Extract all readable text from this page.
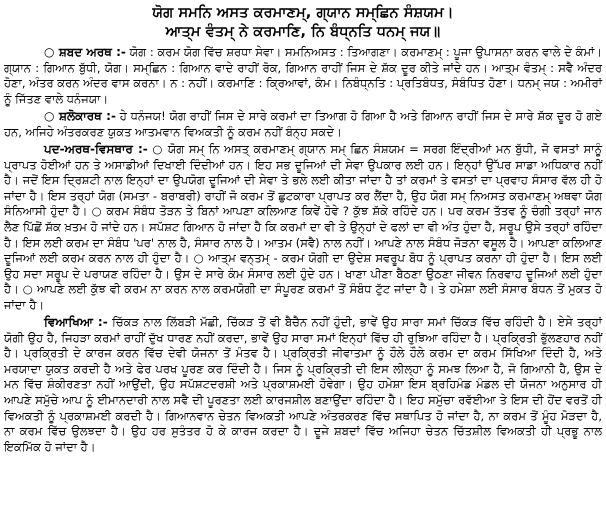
ਯੋਗ ਸਮਨਿ ਅਸਤ ਕਰਮਾਣਮ੍, ਗ੍ਯਾਨ ਸਮ੍ਛਿਨ ਸੰਸ਼ਯਮ।
ਆਤ੍ਮ ਵੰਤਮ੍ ਨੇ ਕਰਮਾਣਿ, ਨਿ ਬੰਧ੍ਨਤਿ ਧਨਮ੍ ਜਯ॥

○ ਸ਼ਬਦ ਅਰਥ :- ਯੋਗ : ਕਰਮ ਯੋਗ ਵਿੱਚ ਸ਼ਰਧਾ ਸੇਵਾ। ਸਮਨਿਅਸਤ : ਤਿਆਗਣਾ। ਕਰਮਾਣਮ੍ : ਪੂਜਾ ਉਪਾਸਨਾ ਕਰਨ ਵਾਲੇ ਦੇ ਕੰਮਾਂ। ਗ੍ਯਾਨ : ਗਿਆਨ ਬੁੱਧੀ, ਯੋਗ। ਸਮ੍ਛਿਨ : ਗਿਆਨ ਵਾਦੇ ਰਾਹੀਂ ਰੋਕ, ਗਿਆਨ ਰਾਹੀਂ ਜਿਸ ਦੇ ਸ਼ੱਕ ਦੂਰ ਕੀਤੇ ਜਾਂਦੇ ਹਨ। ਆਤ੍ਮ ਵੰਤਮ੍ : ਸਵੈ ਅੰਦਰ ਹੋਣਾ, ਅੰਤਰ ਕਰਨ ਅੰਦਰ ਵਾਸ ਕਰਨਾ। ਨ : ਨਹੀਂ। ਕਰਮਾਣਿ : ਕ੍ਰਿਆਵਾਂ, ਕੰਮ। ਨਿਬੰਧ੍ਨਤਿ : ਪ੍ਰਤਿਬੰਧਤ, ਸੰਬੰਧਿਤ ਹੋਣਾ। ਧਨਮ੍ ਜਯ : ਅਮੀਰਾਂ ਨੂੰ ਜਿੱਤਣ ਵਾਲੇ ਧਨੰਜਯਾ।

○ ਸ਼ਲੋਕਾਰਥ :- ਹੇ ਧਨੰਜਯ! ਯੋਗ ਰਾਹੀਂ ਜਿਸ ਦੇ ਸਾਰੇ ਕਰਮਾਂ ਦਾ ਤਿਆਗ ਹੋ ਗਿਆ ਹੈ ਅਤੇ ਗਿਆਨ ਰਾਹੀਂ ਜਿਸ ਦੇ ਸਾਰੇ ਸ਼ੱਕ ਦੂਰ ਹੋ ਗਏ ਹਨ, ਅਜਿਹੇ ਅੰਤਰਕਰਣ ਯੁਕਤ ਆਤਮਵਾਨ ਵਿਅਕਤੀ ਨੂੰ ਕਰਮ ਨਹੀਂ ਬੰਨ੍ਹ ਸਕਦੇ।

ਪਦ-ਅਰਥ-ਵਿਸਥਾਰ :- ○ ਯੋਗ ਸਮ੍ ਨਿ ਅਸਤ੍ ਕਰਮਾਣਮ੍ ਗ੍ਯਾਨ ਸਮ੍ ਛਿਨ ਸੰਸ਼ਯਮ = ਸਰਗ ਇੰਦ੍ਰੀਆਂ ਮਨ ਬੁੱਧੀ, ਜੋ ਵਸਤਾਂ ਸਾਨੂੰ ਪ੍ਰਾਪਤ ਹੋਈਆਂ ਹਨ ਤੇ ਅਸਾਡੀਆਂ ਦਿਖਾਈ ਦਿੰਦੀਆਂ ਹਨ। ਇਹ ਸਭ ਦੂਜਿਆਂ ਦੀ ਸੇਵਾ ਉਪਕਾਰ ਲਈ ਹਨ। ਇਨ੍ਹਾਂ ਉੱਪਰ ਸਾਡਾ ਅਧਿਕਾਰ ਨਹੀਂ ਹੈ। ਜਦੋਂ ਇਸ ਦ੍ਰਿਸ਼ਟੀ ਨਾਲ ਇਨ੍ਹਾਂ ਦਾ ਉਪਯੋਗ ਦੂਜਿਆਂ ਦੀ ਸੇਵਾ ਤੇ ਭਲੇ ਲਈ ਕੀਤਾ ਜਾਂਦਾ ਹੈ ਤਾਂ ਕਰਮਾਂ ਤੇ ਵਸਤਾਂ ਦਾ ਪ੍ਰਵਾਹ ਸੰਸਾਰ ਵੱਲ ਹੀ ਹੋ ਜਾਂਦਾ ਹੈ। ਇਸ ਤਰ੍ਹਾਂ ਯੋਗ (ਸਮਤਾ - ਬਰਾਬਰੀ) ਰਾਹੀਂ ਜੋ ਕਰਮ ਤੋਂ ਛੁਟਕਾਰਾ ਪ੍ਰਾਪਤ ਕਰ ਲੈਂਦਾ ਹੈ, ਉਹ ਯੋਗ ਸਮ੍ ਨਿਅਸਤ ਕਰਮਾਣਮ੍ ਅਥਵਾ ਯੋਗ ਸੰਨਿਆਸੀ ਹੁੰਦਾ ਹੈ। ○ ਕਰਮ ਸੰਬੰਧ ਤੋੜਨ ਤੇ ਬਿਨਾਂ ਆਪਣਾ ਕਲਿਆਣ ਕਿਵੇਂ ਹੋਵੇ ? ਕੁੱਝ ਸ਼ੱਕੇ ਰਹਿੰਦੇ ਹਨ। ਪਰ ਕਰਮ ਤੱਤਵ ਨੂੰ ਚੰਗੀ ਤਰ੍ਹਾਂ ਜਾਨ ਲੈਣ ਪਿੱਛੋਂ ਸ਼ੱਕ ਖ਼ਤਮ ਹੋ ਜਾਂਦੇ ਹਨ। ਸਪੱਸ਼ਟ ਗਿਆਨ ਹੋ ਜਾਂਦਾ ਹੈ ਕਿ ਕਰਮਾਂ ਦਾ ਵੀ ਤੇ ਉਨ੍ਹਾਂ ਦੇ ਫਲਾਂ ਦਾ ਵੀ ਅੰਤ ਹੁੰਦਾ ਹੈ, ਸਰੂਪ ਉਸੇ ਤਰ੍ਹਾਂ ਰਹਿੰਦਾ ਹੈ। ਇਸ ਲਈ ਕਰਮ ਦਾ ਸੰਬੰਧ 'ਪਰ' ਨਾਲ ਹੈ, ਸੰਸਾਰ ਨਾਲ ਹੈ। ਆਤਮ (ਸਵੈ) ਨਾਲ ਨਹੀਂ। ਆਪਣੇ ਨਾਲ ਸੰਬੰਧ ਜੋੜਨਾ ਵਸੂਲ ਹੈ। ਆਪਣਾ ਕਲਿਆਣ ਦੂਜਿਆਂ ਲਈ ਕਰਮ ਕਰਨ ਨਾਲ ਹੀ ਹੁੰਦਾ ਹੈ। ○ ਆਤ੍ਮ ਵਨ੍ਤਮ੍ - ਕਰਮ ਯੋਗੀ ਦਾ ਉਦੇਸ਼ ਸਵਰੂਪ ਬੋਧ ਨੂੰ ਪ੍ਰਾਪਤ ਕਰਨਾ ਹੀ ਹੁੰਦਾ ਹੈ। ਇਸ ਲਈ ਉਹ ਸਦਾ ਸਰੂਪ ਦੇ ਪਰਾਯਣ ਰਹਿੰਦਾ ਹੈ। ਉਸ ਦੇ ਸਾਰੇ ਕੰਮ ਸੰਸਾਰ ਲਈ ਹੁੰਦੇ ਹਨ। ਖਾਣਾ ਪੀਣਾ ਬੈਠਣਾ ਉਠਣਾ ਜੀਵਨ ਨਿਰਵਾਹ ਦੂਜਿਆਂ ਲਈ ਹੁੰਦਾ ਹੈ। ○ ਆਪਣੇ ਲਈ ਕੁੱਝ ਵੀ ਕਰਮ ਨਾ ਕਰਨ ਨਾਲ ਕਰਮਯੋਗੀ ਦਾ ਸੰਪੂਰਣ ਕਰਮਾਂ ਤੋਂ ਸੰਬੰਧ ਟੁੱਟ ਜਾਂਦਾ ਹੈ। ਤੇ ਹਮੇਸ਼ਾ ਲਈ ਸੰਸਾਰ ਬੰਧਨ ਤੋਂ ਮੁਕਤ ਹੋ ਜਾਂਦਾ ਹੈ।

ਵਿਆਖਿਆ :- ਚਿੱਕੜ ਨਾਲ ਲਿੱਬੜੀ ਮੱਛੀ, ਚਿੱਕੜ ਤੋਂ ਵੀ ਬੈਚੈਨ ਨਹੀਂ ਹੁੰਦੀ, ਭਾਵੇਂ ਉਹ ਸਾਰਾ ਸਮਾਂ ਚਿੱਕੜ ਵਿੱਚ ਰਹਿੰਦੀ ਹੈ। ਏਸੇ ਤਰ੍ਹਾਂ ਯੋਗੀ ਉਹ ਹੈ, ਜਿਹੜਾ ਕਰਮਾਂ ਰਾਹੀਂ ਦੁੱਖ ਧਾਰਣ ਨਹੀਂ ਕਰਦਾ, ਭਾਵੇਂ ਉਹ ਸਾਰਾ ਸਮਾਂ ਇਨ੍ਹਾਂ ਵਿੱਚ ਹੀ ਰੁਝਿਆ ਰਹਿੰਦਾ ਹੈ। ਪ੍ਰਕ੍ਰਿਤੀ ਭੁੱਲਣਹਾਰ ਨਹੀਂ ਹੈ। ਪ੍ਰਕ੍ਰਿਤੀ ਦੇ ਕਾਰਜ ਕਰਨ ਵਿੱਚ ਦੇਵੀ ਯੋਜਨਾ ਤੋਂ ਮੰਤਵ ਹੈ। ਪ੍ਰਕ੍ਰਿਤੀ ਜੀਵਾਤਮਾ ਨੂੰ ਹੌਲੇ ਹੌਲੇ ਕਰਮ ਦਾ ਕਰਮ ਸਿੱਖਿਆ ਦਿੰਦੀ ਹੈ, ਅਤੇ ਮਰਯਾਦਾ ਯੁਕਤ ਕਰਦੀ ਹੈ ਅਤੇ ਫੇਰ ਪਰਖ ਪੂਰਣ ਕਰ ਦਿੰਦੀ ਹੈ। ਜਿਸ ਨੂੰ ਪ੍ਰਕ੍ਰਿਤੀ ਦੀ ਇਸ ਲੀਲ੍ਹਾ ਨੂੰ ਸਮਝ ਲਿਆ ਹੈ, ਜੋ ਗਿਆਨੀ ਹੈ, ਉਸ ਦੇ ਮਨ ਵਿੱਚ ਸ਼ੰਕੀਰਣਤਾ ਨਹੀਂ ਆਉਂਦੀ, ਉਹ ਸਪੱਸ਼ਟਦਰਸ਼ੀ ਅਤੇ ਪ੍ਰਕਾਸ਼ਮਈ ਹੋਵੇਗਾ। ਉਹ ਹਮੇਸ਼ਾ ਇਸ ਬ੍ਰਹਿਮੰਡ ਮੰਡਲ ਦੀ ਯੋਜਨਾ ਅਨੁਸਾਰ ਹੀ ਆਪਣੇ ਸਮੁੱਚੇ ਆਪ ਨੂੰ ਈਮਾਨਦਾਰੀ ਨਾਲ ਸਵੈ ਦੀ ਪੂਰਣਤਾ ਲਈ ਕਾਰਜਸ਼ੀਲ ਬਣਾਉਂਦਾ ਰਹਿੰਦਾ ਹੈ। ਇਹ ਸਮੁੱਚਾ ਰਵੱਈਆ ਤੇ ਇਸ ਦੀ ਹੋਂਦ ਵਰਤੋਂ ਹੀ ਵਿਅਕਤੀ ਨੂੰ ਪ੍ਰਕਾਸ਼ਮਈ ਕਰਦੀ ਹੈ। ਗਿਆਨਵਾਨ ਚੇਤਨ ਵਿਅਕਤੀ ਆਪਣੇ ਅੰਤਰਕਰਣ ਵਿੱਚ ਸਥਾਪਿਤ ਹੋ ਜਾਂਦਾ ਹੈ, ਨਾ ਕਰਮ ਤੋਂ ਮੂੰਹ ਮੋੜਦਾ ਹੈ, ਨਾ ਕਰਮ ਵਿੱਚ ਉਲਝਦਾ ਹੈ। ਉਹ ਹਰ ਸੁਤੰਤਰ ਹੋ ਕੇ ਕਾਰਜ ਕਰਦਾ ਹੈ। ਦੂਜੇ ਸ਼ਬਦਾਂ ਵਿੱਚ ਅਜਿਹਾ ਚੇਤਨ ਚਿੱਤਸ਼ੀਲ ਵਿਅਕਤੀ ਹੀ ਪ੍ਰਭੂ ਨਾਲ ਇਕਮਿੱਕ ਹੋ ਜਾਂਦਾ ਹੈ।
